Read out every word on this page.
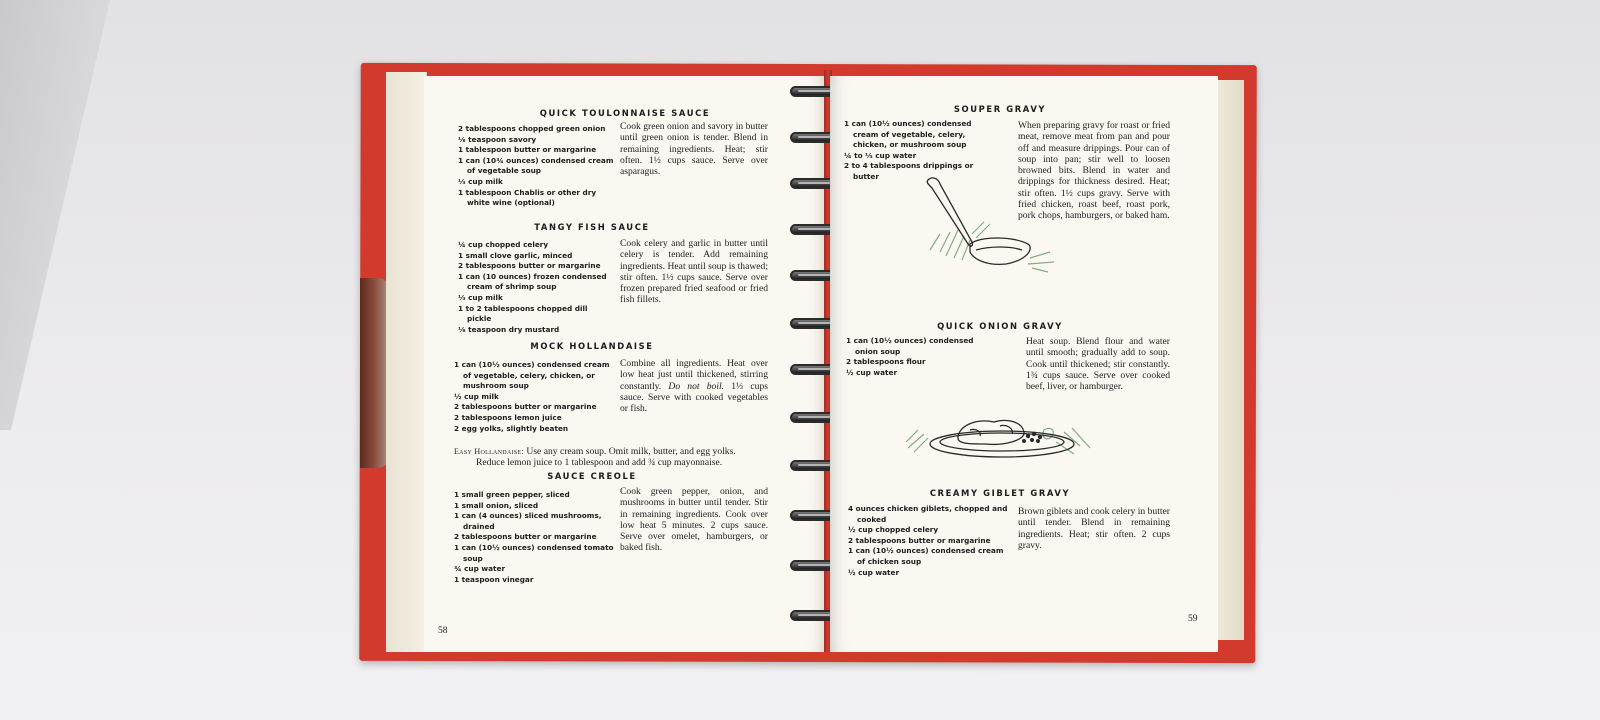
QUICK TOULONNAISE SAUCE
2 tablespoons chopped green onion
⅛ teaspoon savory
1 tablespoon butter or margarine
1 can (10¾ ounces) condensed cream of vegetable soup
⅓ cup milk
1 tablespoon Chablis or other dry white wine (optional)
Cook green onion and savory in butter until green onion is tender. Blend in remaining ingredients. Heat; stir often. 1½ cups sauce. Serve over asparagus.
TANGY FISH SAUCE
¼ cup chopped celery
1 small clove garlic, minced
2 tablespoons butter or margarine
1 can (10 ounces) frozen condensed cream of shrimp soup
⅓ cup milk
1 to 2 tablespoons chopped dill pickle
⅛ teaspoon dry mustard
Cook celery and garlic in butter until celery is tender. Add remaining ingredients. Heat until soup is thawed; stir often. 1½ cups sauce. Serve over frozen prepared fried seafood or fried fish fillets.
MOCK HOLLANDAISE
1 can (10½ ounces) condensed cream of vegetable, celery, chicken, or mushroom soup
½ cup milk
2 tablespoons butter or margarine
2 tablespoons lemon juice
2 egg yolks, slightly beaten
Combine all ingredients. Heat over low heat just until thickened, stirring constantly. Do not boil. 1⅓ cups sauce. Serve with cooked vegetables or fish.
Easy Hollandaise: Use any cream soup. Omit milk, butter, and egg yolks.
Reduce lemon juice to 1 tablespoon and add ¾ cup mayonnaise.
SAUCE CREOLE
1 small green pepper, sliced
1 small onion, sliced
1 can (4 ounces) sliced mushrooms, drained
2 tablespoons butter or margarine
1 can (10½ ounces) condensed tomato soup
¾ cup water
1 teaspoon vinegar
Cook green pepper, onion, and mushrooms in butter until tender. Stir in remaining ingredients. Cook over low heat 5 minutes. 2 cups sauce. Serve over omelet, hamburgers, or baked fish.
58
SOUPER GRAVY
1 can (10½ ounces) condensed cream of vegetable, celery, chicken, or mushroom soup
¼ to ⅓ cup water
2 to 4 tablespoons drippings or butter
When preparing gravy for roast or fried meat, remove meat from pan and pour off and measure drippings. Pour can of soup into pan; stir well to loosen browned bits. Blend in water and drippings for thickness desired. Heat; stir often. 1½ cups gravy. Serve with fried chicken, roast beef, roast pork, pork chops, hamburgers, or baked ham.
QUICK ONION GRAVY
1 can (10½ ounces) condensed onion soup
2 tablespoons flour
½ cup water
Heat soup. Blend flour and water until smooth; gradually add to soup. Cook until thickened; stir constantly. 1¾ cups sauce. Serve over cooked beef, liver, or hamburger.
CREAMY GIBLET GRAVY
4 ounces chicken giblets, chopped and cooked
½ cup chopped celery
2 tablespoons butter or margarine
1 can (10½ ounces) condensed cream of chicken soup
½ cup water
Brown giblets and cook celery in butter until tender. Blend in remaining ingredients. Heat; stir often. 2 cups gravy.
59
